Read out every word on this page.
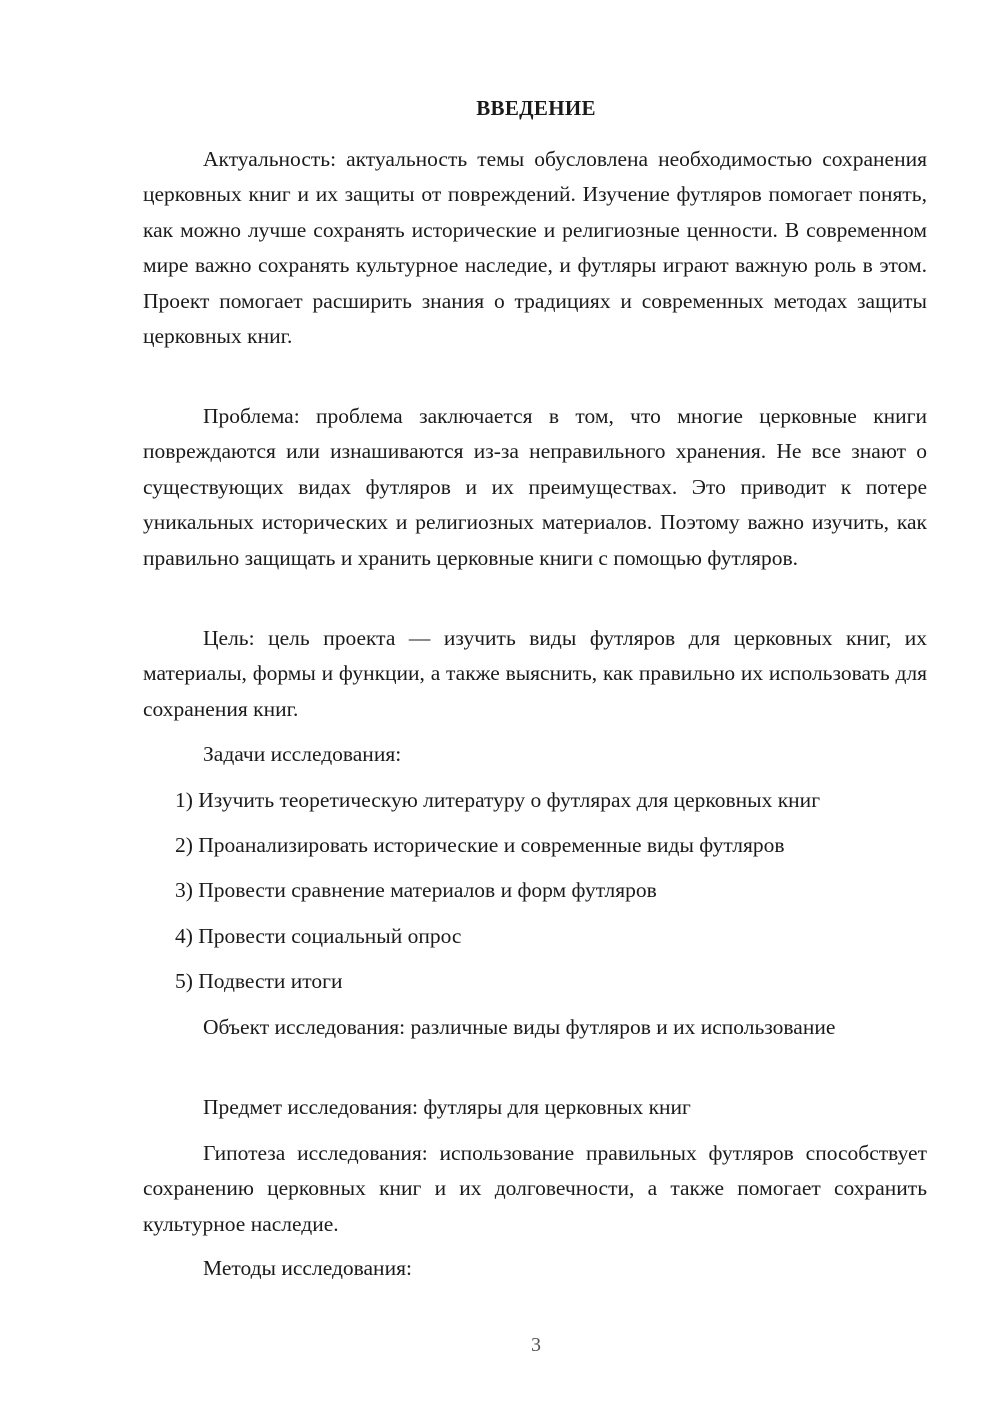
ВВЕДЕНИЕ

Актуальность: актуальность темы обусловлена необходимостью сохранения церковных книг и их защиты от повреждений. Изучение футляров помогает понять, как можно лучше сохранять исторические и религиозные ценности. В современном мире важно сохранять культурное наследие, и футляры играют важную роль в этом. Проект помогает расширить знания о традициях и современных методах защиты церковных книг.

Проблема: проблема заключается в том, что многие церковные книги повреждаются или изнашиваются из-за неправильного хранения. Не все знают о существующих видах футляров и их преимуществах. Это приводит к потере уникальных исторических и религиозных материалов. Поэтому важно изучить, как правильно защищать и хранить церковные книги с помощью футляров.

Цель: цель проекта — изучить виды футляров для церковных книг, их материалы, формы и функции, а также выяснить, как правильно их использовать для сохранения книг.

Задачи исследования:

1) Изучить теоретическую литературу о футлярах для церковных книг

2) Проанализировать исторические и современные виды футляров

3) Провести сравнение материалов и форм футляров

4) Провести социальный опрос

5) Подвести итоги

Объект исследования: различные виды футляров и их использование

Предмет исследования: футляры для церковных книг

Гипотеза исследования: использование правильных футляров способствует сохранению церковных книг и их долговечности, а также помогает сохранить культурное наследие.

Методы исследования:

3
